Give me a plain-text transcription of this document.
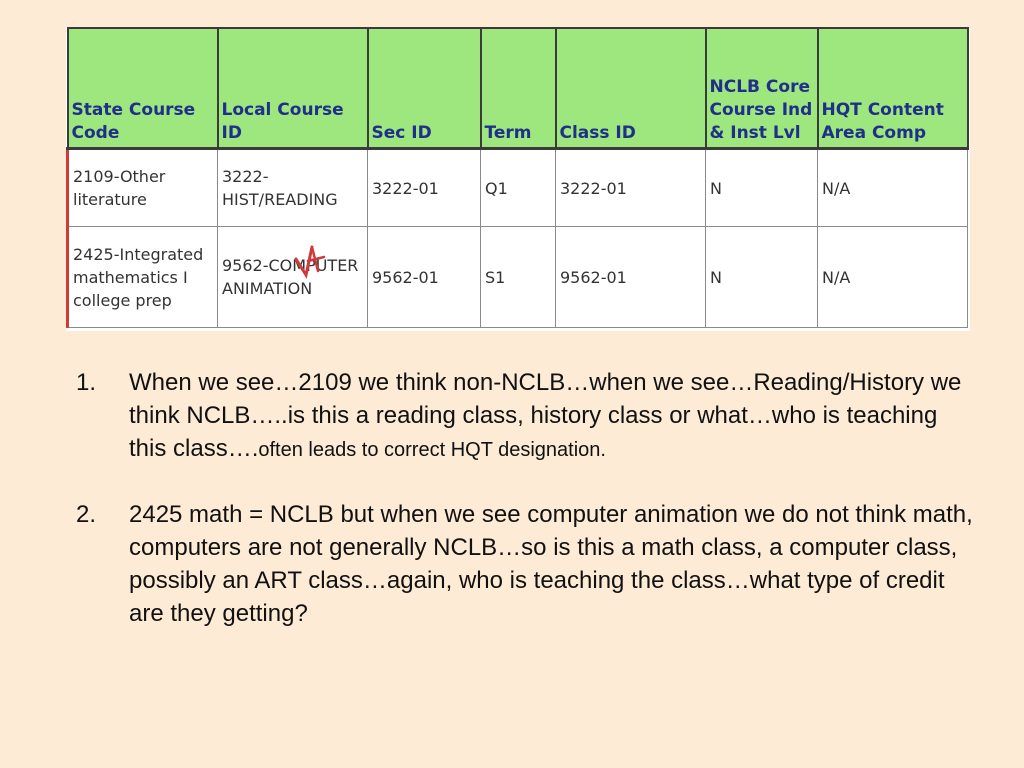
State Course Code	Local Course ID	Sec ID	Term	Class ID	NCLB Core Course Ind & Inst Lvl	HQT Content Area Comp
2109-Other literature	3222-HIST/READING	3222-01	Q1	3222-01	N	N/A
2425-Integrated mathematics I college prep	9562-COMPUTER ANIMATION	9562-01	S1	9562-01	N	N/A
1. When we see…2109 we think non-NCLB…when we see…Reading/History we think NCLB…..is this a reading class, history class or what…who is teaching this class….often leads to correct HQT designation.
2. 2425 math = NCLB but when we see computer animation we do not think math, computers are not generally NCLB…so is this a math class, a computer class, possibly an ART class…again, who is teaching the class…what type of credit are they getting?
